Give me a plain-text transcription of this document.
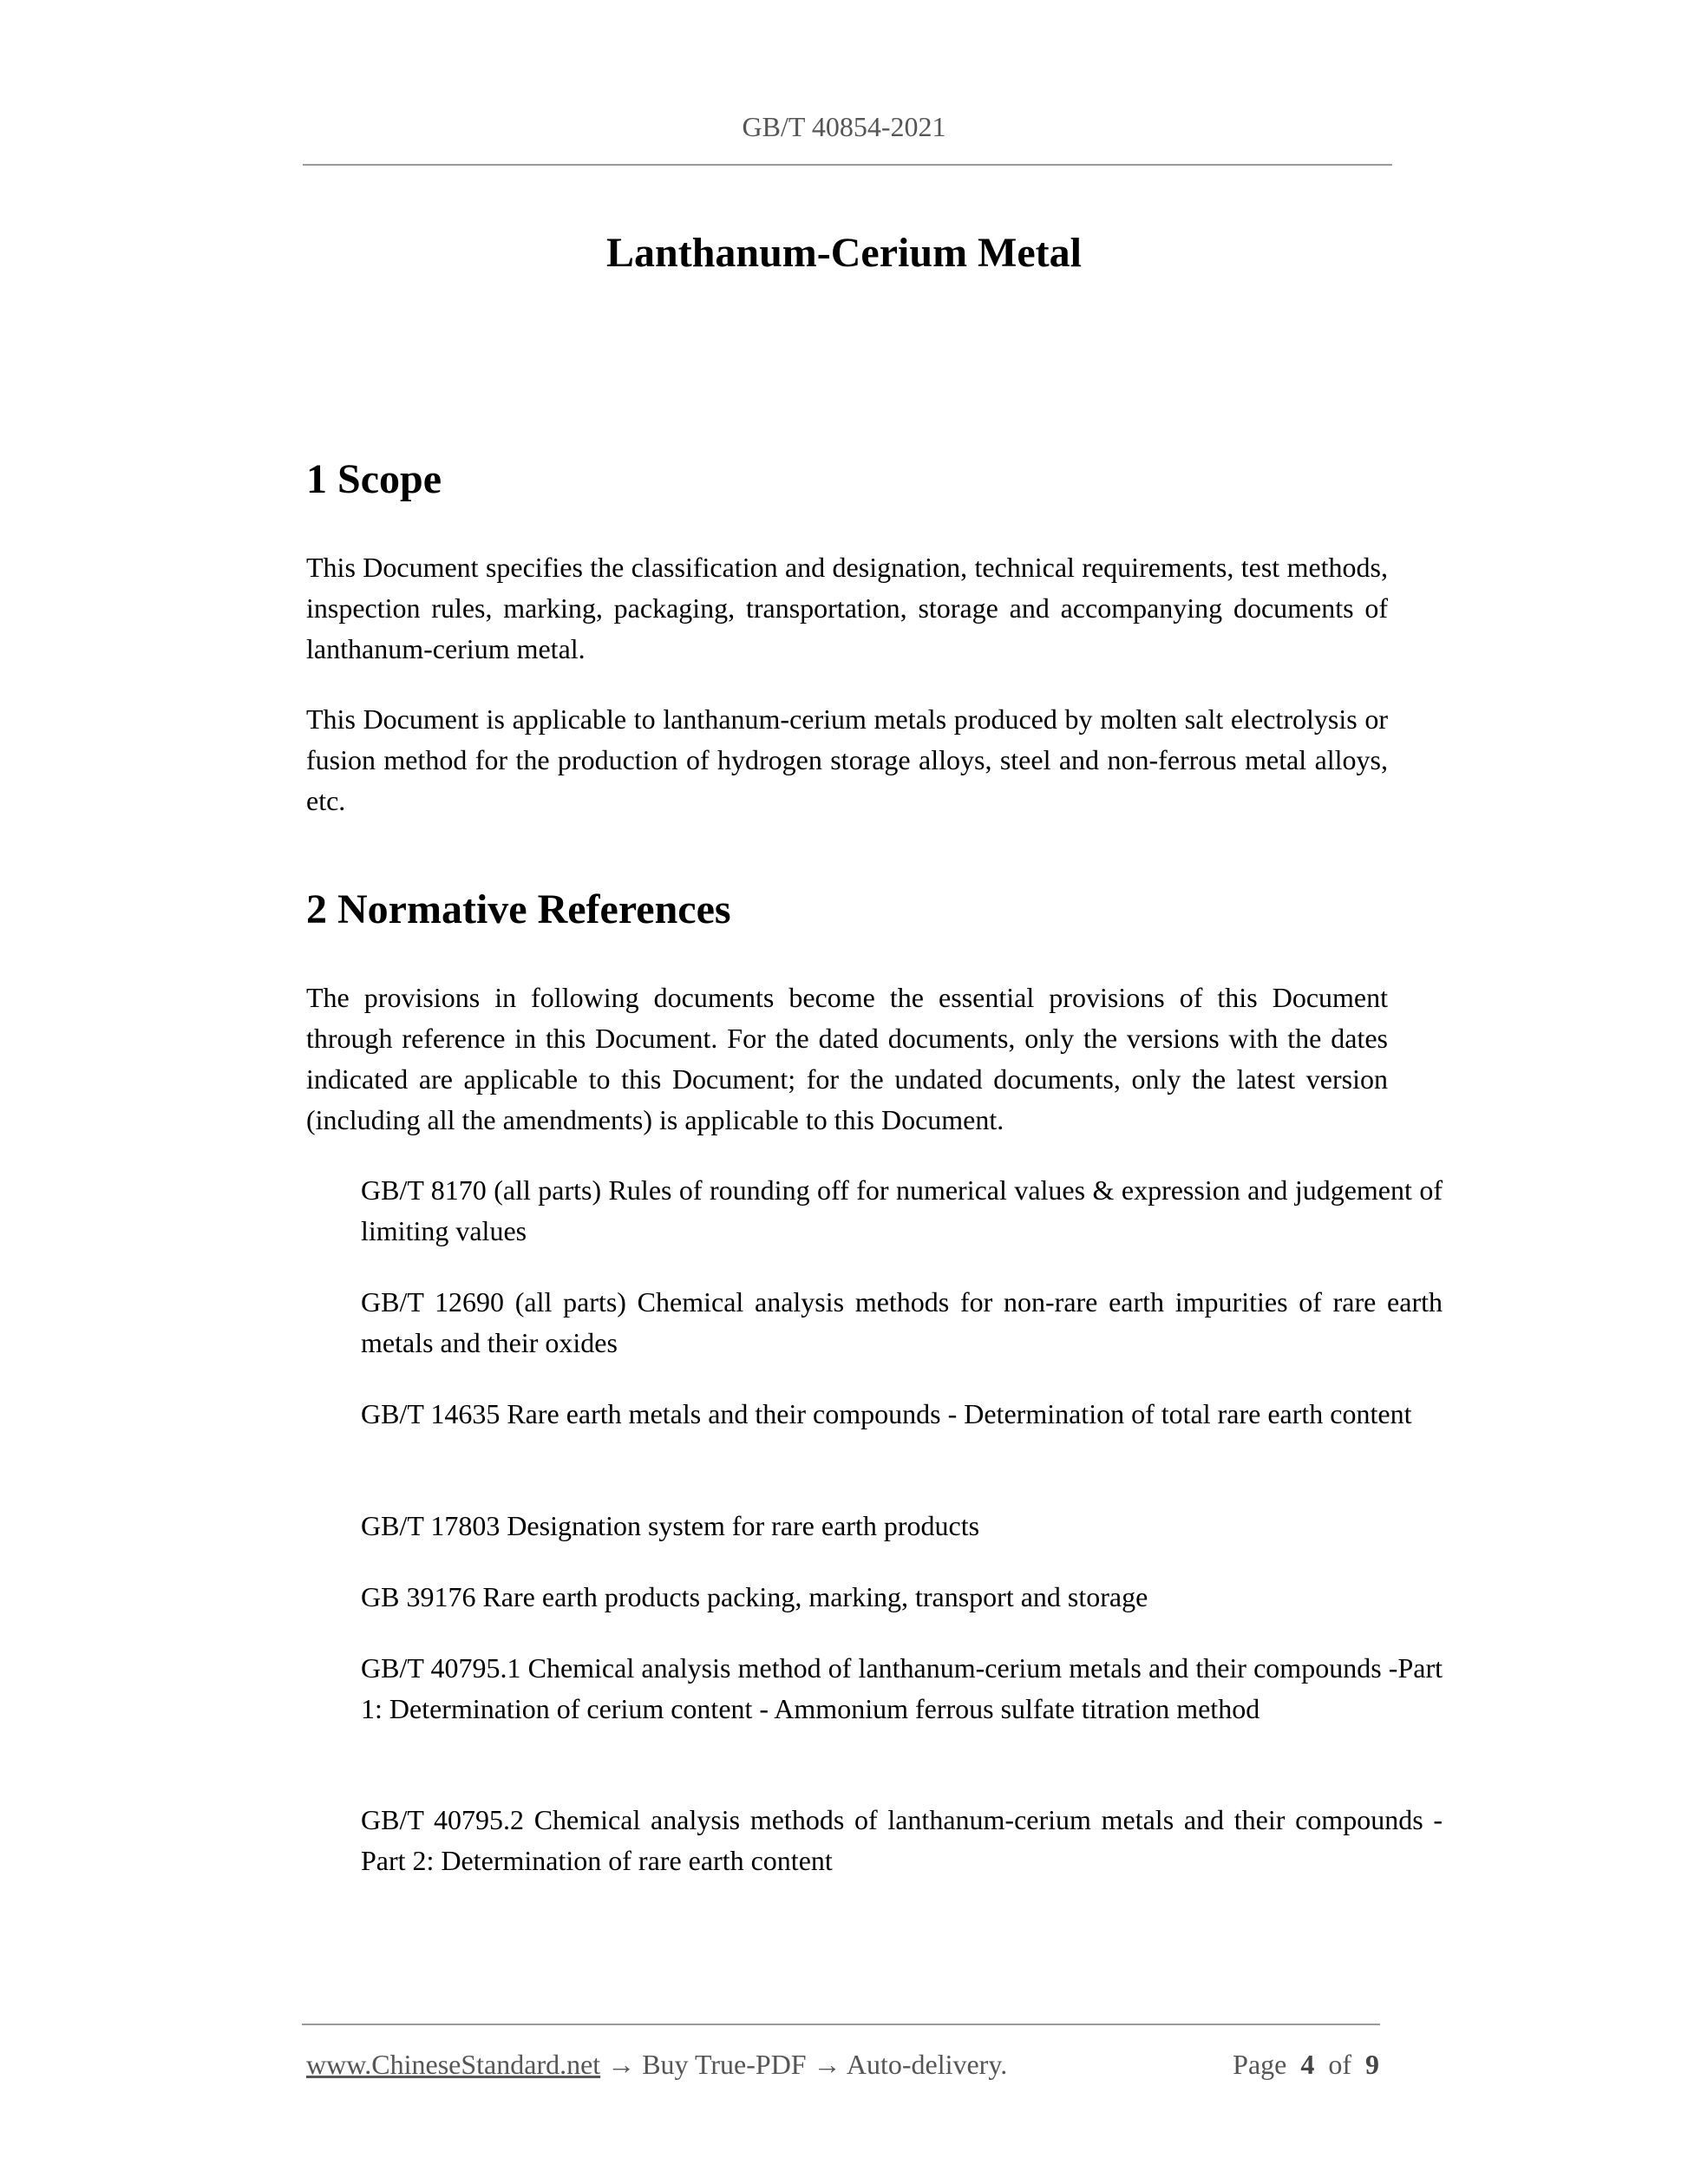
GB/T 40854-2021
Lanthanum-Cerium Metal
1 Scope

This Document specifies the classification and designation, technical requirements, test methods, inspection rules, marking, packaging, transportation, storage and accompanying documents of lanthanum-cerium metal.

This Document is applicable to lanthanum-cerium metals produced by molten salt electrolysis or fusion method for the production of hydrogen storage alloys, steel and non-ferrous metal alloys, etc.

2 Normative References

The provisions in following documents become the essential provisions of this Document through reference in this Document. For the dated documents, only the versions with the dates indicated are applicable to this Document; for the undated documents, only the latest version (including all the amendments) is applicable to this Document.

GB/T 8170 (all parts) Rules of rounding off for numerical values & expression and judgement of limiting values

GB/T 12690 (all parts) Chemical analysis methods for non-rare earth impurities of rare earth metals and their oxides

GB/T 14635 Rare earth metals and their compounds - Determination of total rare earth content

GB/T 17803 Designation system for rare earth products

GB 39176 Rare earth products packing, marking, transport and storage

GB/T 40795.1 Chemical analysis method of lanthanum-cerium metals and their compounds -Part 1: Determination of cerium content - Ammonium ferrous sulfate titration method

GB/T 40795.2 Chemical analysis methods of lanthanum-cerium metals and their compounds -Part 2: Determination of rare earth content

www.ChineseStandard.net → Buy True-PDF → Auto-delivery.	Page 4 of 9
